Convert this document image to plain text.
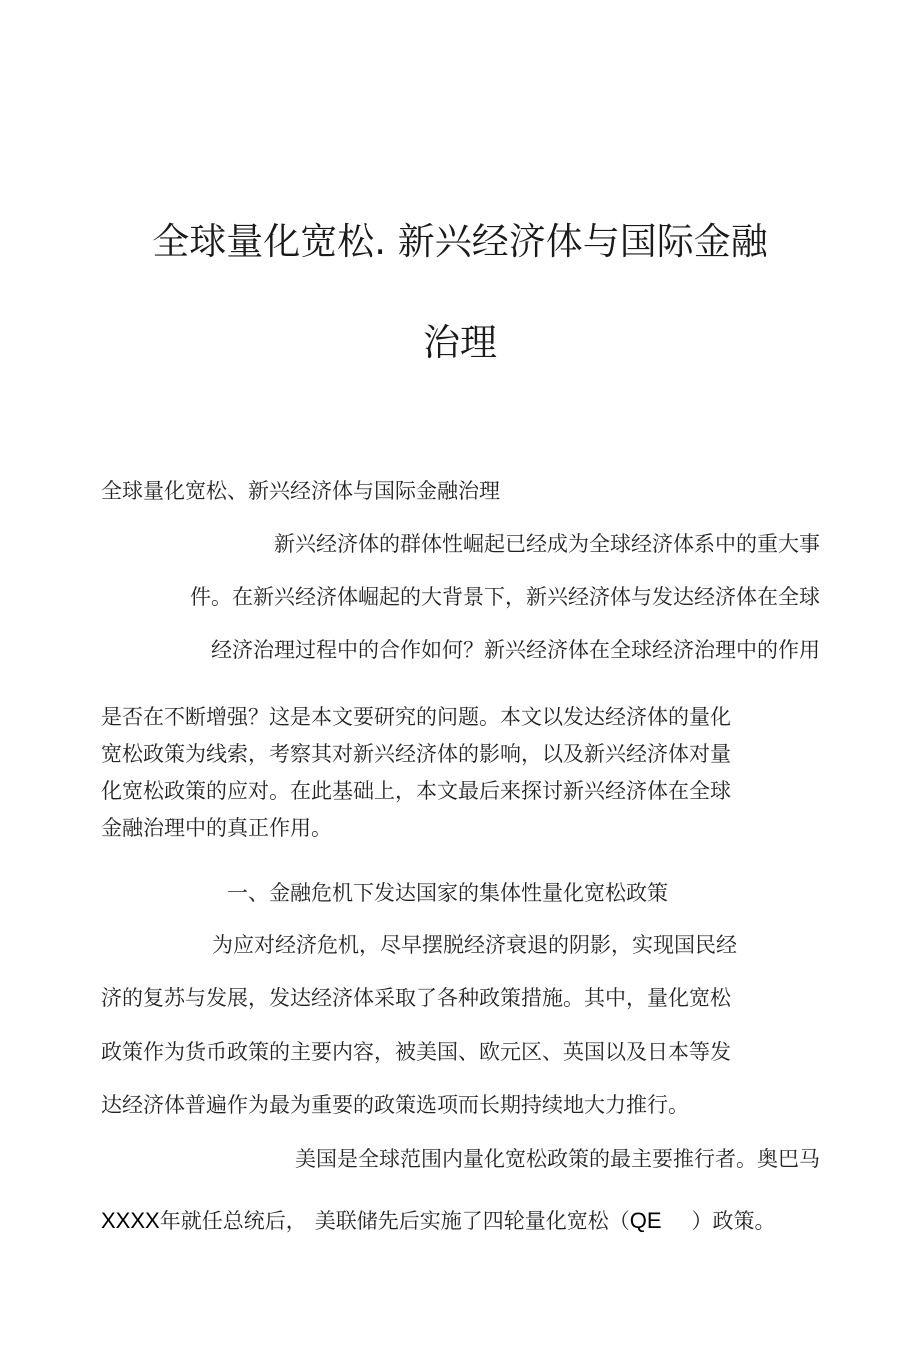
全球量化宽松. 新兴经济体与国际金融
治理
全球量化宽松、新兴经济体与国际金融治理
新兴经济体的群体性崛起已经成为全球经济体系中的重大事
件。在新兴经济体崛起的大背景下，新兴经济体与发达经济体在全球
经济治理过程中的合作如何？新兴经济体在全球经济治理中的作用
是否在不断增强？这是本文要研究的问题。本文以发达经济体的量化
宽松政策为线索，考察其对新兴经济体的影响，以及新兴经济体对量
化宽松政策的应对。在此基础上，本文最后来探讨新兴经济体在全球
金融治理中的真正作用。
一、金融危机下发达国家的集体性量化宽松政策
为应对经济危机，尽早摆脱经济衰退的阴影，实现国民经
济的复苏与发展，发达经济体采取了各种政策措施。其中，量化宽松
政策作为货币政策的主要内容，被美国、欧元区、英国以及日本等发
达经济体普遍作为最为重要的政策选项而长期持续地大力推行。
美国是全球范围内量化宽松政策的最主要推行者。奥巴马
XXXX年就任总统后， 美联储先后实施了四轮量化宽松（QE ）政策。
